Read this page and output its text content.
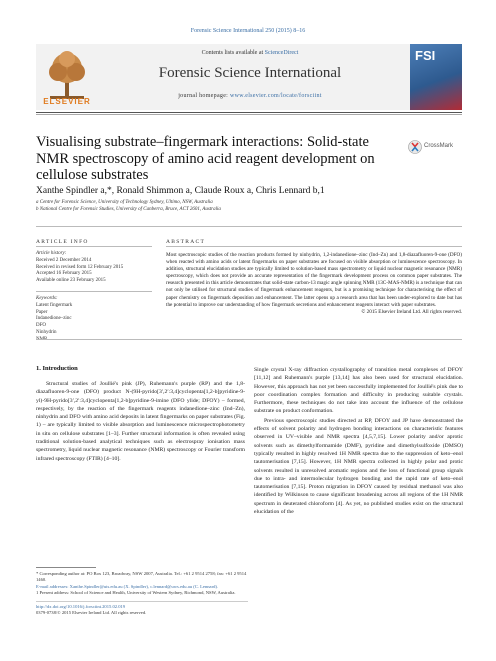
Forensic Science International 250 (2015) 8–16
ELSEVIER
Contents lists available at ScienceDirect
Forensic Science International
journal homepage: www.elsevier.com/locate/forsciint
FSI
Visualising substrate–fingermark interactions: Solid-state NMR spectroscopy of amino acid reagent development on cellulose substrates
CrossMark
Xanthe Spindler a,*, Ronald Shimmon a, Claude Roux a, Chris Lennard b,1
a Centre for Forensic Science, University of Technology Sydney, Ultimo, NSW, Australia
b National Centre for Forensic Studies, University of Canberra, Bruce, ACT 2601, Australia
ARTICLE INFO	ABSTRACT
Article history:
Received 2 December 2014
Received in revised form 12 February 2015
Accepted 16 February 2015
Available online 23 February 2015
Keywords:
Latent fingermark
Paper
Indanedione–zinc
DFO
Ninhydrin
Most spectroscopic studies of the reaction products formed by ninhydrin, 1,2-indanedione–zinc (Ind–Zn) and 1,8-diazafluoren-9-one (DFO) when reacted with amino acids or latent fingermarks on paper substrates are focused on visible absorption or luminescence spectroscopy. In addition, structural elucidation studies are typically limited to solution-based mass spectrometry or liquid nuclear magnetic resonance (NMR) spectroscopy, which does not provide an accurate representation of the fingermark development process on common paper substrates. The research presented in this article demonstrates that solid-state carbon-13 magic angle spinning NMR (13C-MAS-NMR) is a technique that can not only be utilised for structural studies of fingermark enhancement reagents, but is a promising technique for characterising the effect of paper chemistry on fingermark deposition and enhancement. The latter opens up a research area that has been under-explored to date but has the potential to improve our understanding of how fingermark secretions and enhancement reagents interact with paper substrates.
© 2015 Elsevier Ireland Ltd. All rights reserved.
1. Introduction

Structural studies of Joullié's pink (JP), Ruhemann's purple (RP) and the 1,8-diazafluoren-9-one (DFO) product N-(9H-pyrido[3′,2′:3,4]cyclopenta[1,2-b]pyridine-9-yl)-9H-pyrido[3′,2′:3,4]cyclopenta[1,2-b]pyridine-9-imine (DFO ylide; DFOY) – formed, respectively, by the reaction of the fingermark reagents indanedione–zinc (Ind–Zn), ninhydrin and DFO with amino acid deposits in latent fingermarks on paper substrates (Fig. 1) – are typically limited to visible absorption and luminescence microspectrophotometry in situ on cellulose substrates [1–3]. Further structural information is often revealed using traditional solution-based analytical techniques such as electrospray ionisation mass spectrometry, liquid nuclear magnetic resonance (NMR) spectroscopy or Fourier transform infrared spectroscopy (FTIR) [4–10].

Single crystal X-ray diffraction crystallography of transition metal complexes of DFOY [11,12] and Ruhemann's purple [13,14] has also been used for structural elucidation. However, this approach has not yet been successfully implemented for Joullié's pink due to poor coordination complex formation and difficulty in producing suitable crystals. Furthermore, these techniques do not take into account the influence of the cellulose substrate on product conformation.

Previous spectroscopic studies directed at RP, DFOY and JP have demonstrated the effects of solvent polarity and hydrogen bonding interactions on characteristic features observed in UV–visible and NMR spectra [4,5,7,15]. Lower polarity and/or aprotic solvents such as dimethylformamide (DMF), pyridine and dimethylsulfoxide (DMSO) typically resulted in highly resolved 1H NMR spectra due to the suppression of keto–enol tautomerisation [7,15]. However, 1H NMR spectra collected in highly polar and protic solvents resulted in unresolved aromatic regions and the loss of functional group signals due to intra- and intermolecular hydrogen bonding and the rapid rate of keto–enol tautomerisation [7,15]. Proton migration in DFOY caused by residual methanol was also identified by Wilkinson to cause significant broadening across all regions of the 1H NMR spectrum in deuterated chloroform [4]. As yet, no published studies exist on the structural elucidation of the

* Corresponding author at: PO Box 123, Broadway, NSW 2007, Australia. Tel.: +61 2 9514 2758; fax: +61 2 9514 1460.
E-mail addresses: Xanthe.Spindler@uts.edu.au (X. Spindler), c.lennard@uws.edu.au (C. Lennard).
1 Present address: School of Science and Health, University of Western Sydney, Richmond, NSW, Australia.
http://dx.doi.org/10.1016/j.forsciint.2015.02.019
0379-0738/© 2015 Elsevier Ireland Ltd. All rights reserved.
